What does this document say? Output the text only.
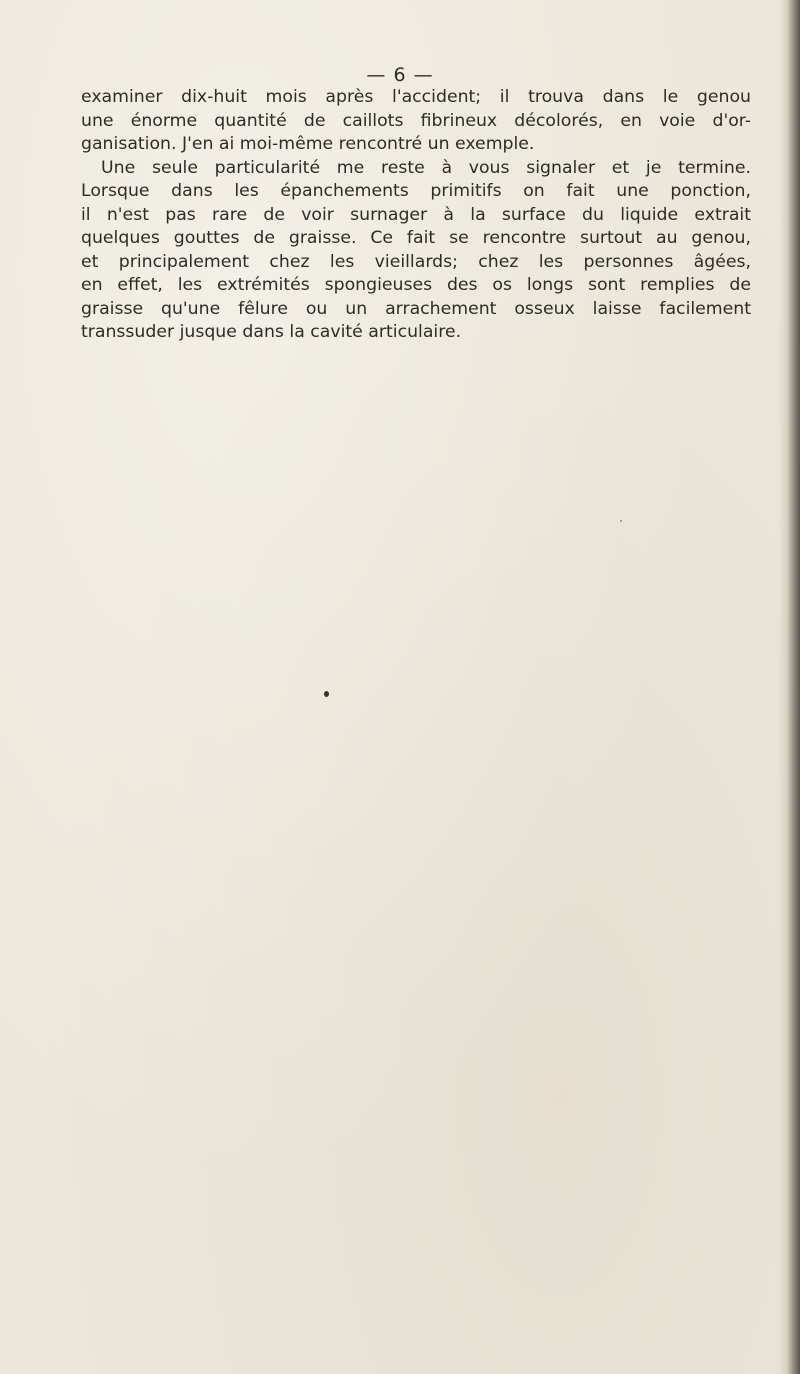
— 6 —

examiner dix-huit mois après l'accident; il trouva dans le genou

une énorme quantité de caillots fibrineux décolorés, en voie d'or-

ganisation. J'en ai moi-même rencontré un exemple.

Une seule particularité me reste à vous signaler et je termine.

Lorsque dans les épanchements primitifs on fait une ponction,

il n'est pas rare de voir surnager à la surface du liquide extrait

quelques gouttes de graisse. Ce fait se rencontre surtout au genou,

et principalement chez les vieillards; chez les personnes âgées,

en effet, les extrémités spongieuses des os longs sont remplies de

graisse qu'une fêlure ou un arrachement osseux laisse facilement

transsuder jusque dans la cavité articulaire.
